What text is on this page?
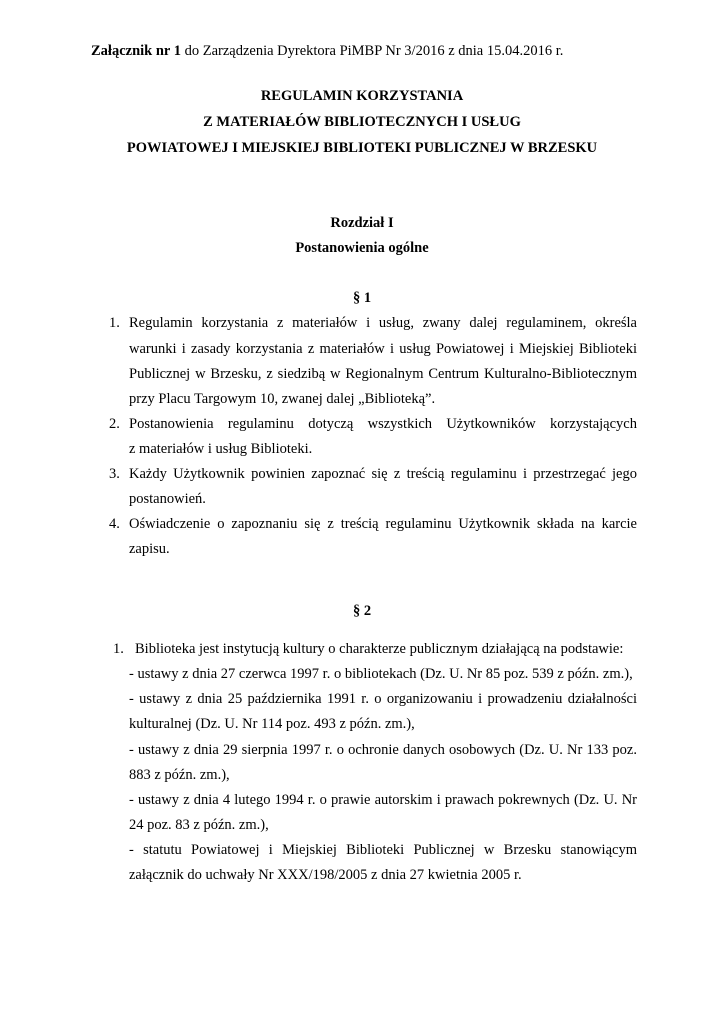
Załącznik nr 1 do Zarządzenia Dyrektora PiMBP Nr 3/2016 z dnia 15.04.2016 r.
REGULAMIN KORZYSTANIA
Z MATERIAŁÓW BIBLIOTECZNYCH I USŁUG
POWIATOWEJ I MIEJSKIEJ BIBLIOTEKI PUBLICZNEJ W BRZESKU
Rozdział I
Postanowienia ogólne
§ 1
1. Regulamin korzystania z materiałów i usług, zwany dalej regulaminem, określa
warunki i zasady korzystania z materiałów i usług Powiatowej i Miejskiej Biblioteki
Publicznej w Brzesku, z siedzibą w Regionalnym Centrum Kulturalno-Bibliotecznym
przy Placu Targowym 10, zwanej dalej „Biblioteką”.
2. Postanowienia regulaminu dotyczą wszystkich Użytkowników korzystających
z materiałów i usług Biblioteki.
3. Każdy Użytkownik powinien zapoznać się z treścią regulaminu i przestrzegać jego
postanowień.
4. Oświadczenie o zapoznaniu się z treścią regulaminu Użytkownik składa na karcie
zapisu.
§ 2
1. Biblioteka jest instytucją kultury o charakterze publicznym działającą na podstawie:
- ustawy z dnia 27 czerwca 1997 r. o bibliotekach (Dz. U. Nr 85 poz. 539 z późn. zm.),
- ustawy z dnia 25 października 1991 r. o organizowaniu i prowadzeniu działalności
kulturalnej (Dz. U. Nr 114 poz. 493 z późn. zm.),
- ustawy z dnia 29 sierpnia 1997 r. o ochronie danych osobowych (Dz. U. Nr 133 poz.
883 z późn. zm.),
- ustawy z dnia 4 lutego 1994 r. o prawie autorskim i prawach pokrewnych (Dz. U. Nr
24 poz. 83 z późn. zm.),
- statutu Powiatowej i Miejskiej Biblioteki Publicznej w Brzesku stanowiącym
załącznik do uchwały Nr XXX/198/2005 z dnia 27 kwietnia 2005 r.
